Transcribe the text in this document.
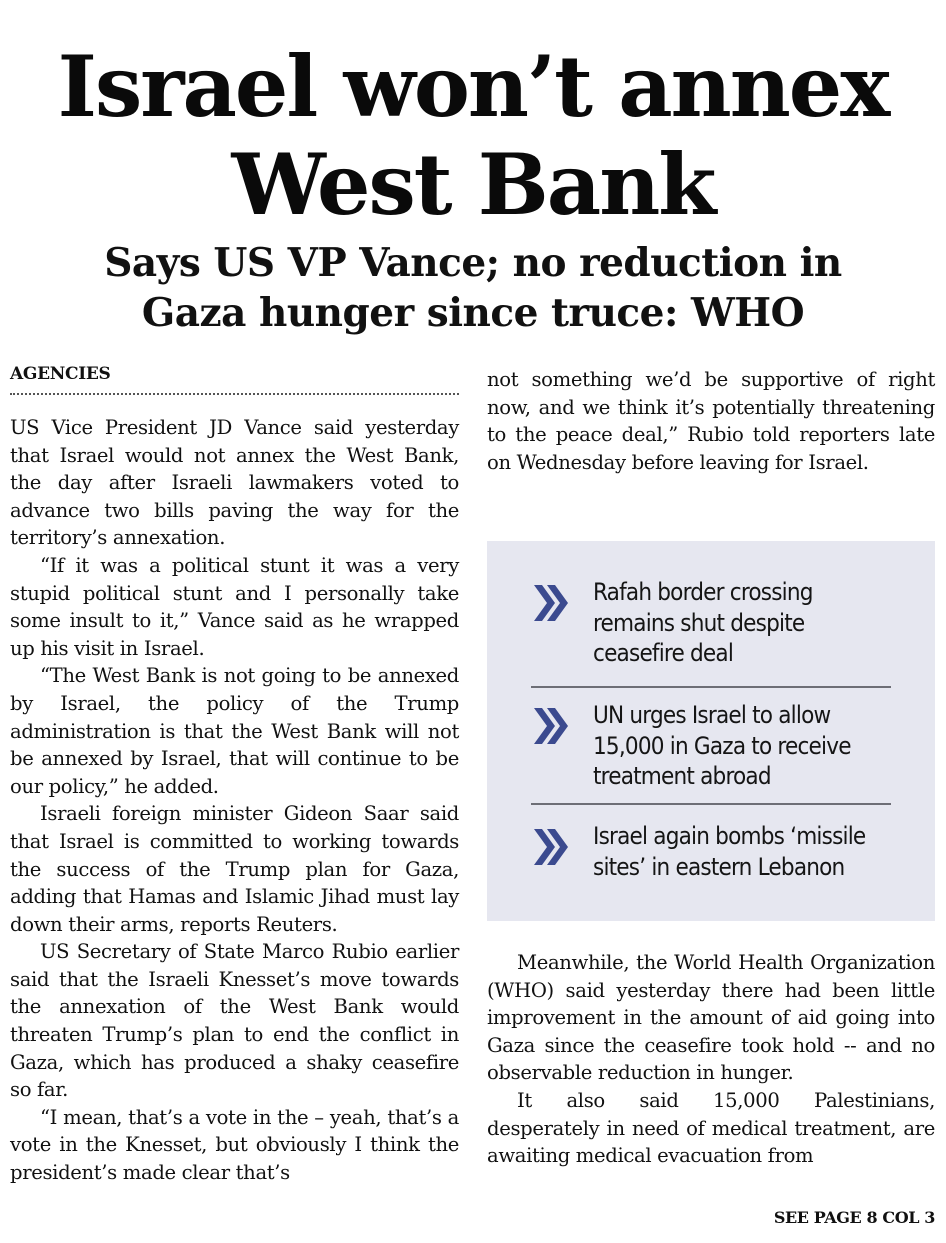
Israel won’t annex
West Bank
Says US VP Vance; no reduction in
Gaza hunger since truce: WHO
AGENCIES

US Vice President JD Vance said yesterday that Israel would not annex the West Bank, the day after Israeli lawmakers voted to advance two bills paving the way for the territory’s annexation.

“If it was a political stunt it was a very stupid political stunt and I personally take some insult to it,” Vance said as he wrapped up his visit in Israel.

“The West Bank is not going to be annexed by Israel, the policy of the Trump administration is that the West Bank will not be annexed by Israel, that will continue to be our policy,” he added.

Israeli foreign minister Gideon Saar said that Israel is committed to working towards the success of the Trump plan for Gaza, adding that Hamas and Islamic Jihad must lay down their arms, reports Reuters.

US Secretary of State Marco Rubio earlier said that the Israeli Knesset’s move towards the annexation of the West Bank would threaten Trump’s plan to end the conflict in Gaza, which has produced a shaky ceasefire so far.

“I mean, that’s a vote in the – yeah, that’s a vote in the Knesset, but obviously I think the president’s made clear that’s

not something we’d be supportive of right now, and we think it’s potentially threatening to the peace deal,” Rubio told reporters late on Wednesday before leaving for Israel.

Rafah border crossing
remains shut despite
ceasefire deal
UN urges Israel to allow
15,000 in Gaza to receive
treatment abroad
Israel again bombs ‘missile
sites’ in eastern Lebanon

Meanwhile, the World Health Organization (WHO) said yesterday there had been little improvement in the amount of aid going into Gaza since the ceasefire took hold -- and no observable reduction in hunger.

It also said 15,000 Palestinians, desperately in need of medical treatment, are awaiting medical evacuation from

SEE PAGE 8 COL 3
